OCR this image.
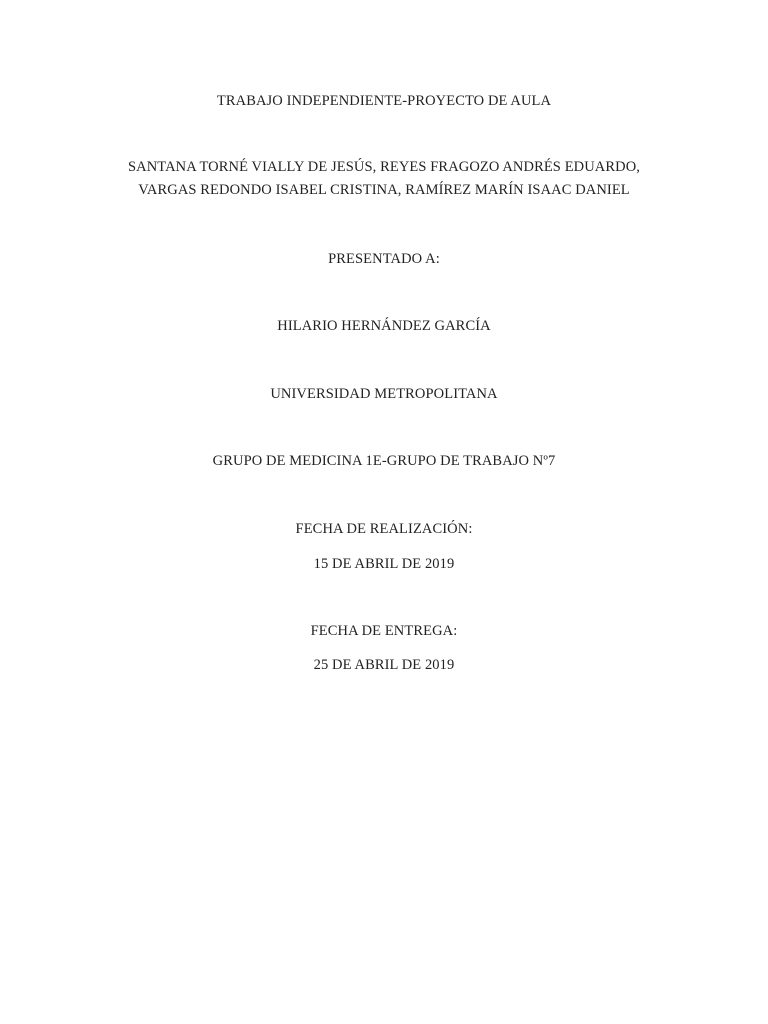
TRABAJO INDEPENDIENTE-PROYECTO DE AULA
SANTANA TORNÉ VIALLY DE JESÚS, REYES FRAGOZO ANDRÉS EDUARDO,
VARGAS REDONDO ISABEL CRISTINA, RAMÍREZ MARÍN ISAAC DANIEL
PRESENTADO A:
HILARIO HERNÁNDEZ GARCÍA
UNIVERSIDAD METROPOLITANA
GRUPO DE MEDICINA 1E-GRUPO DE TRABAJO Nº7
FECHA DE REALIZACIÓN:
15 DE ABRIL DE 2019
FECHA DE ENTREGA:
25 DE ABRIL DE 2019
